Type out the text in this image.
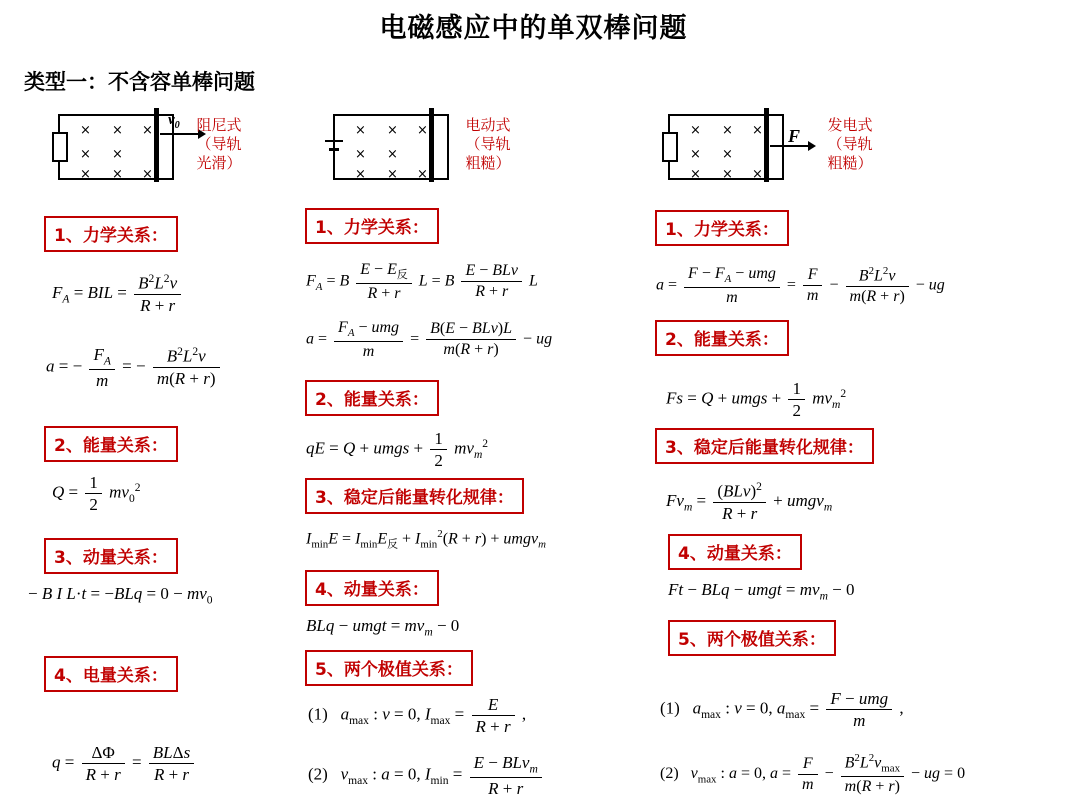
电磁感应中的单双棒问题
类型一：不含容单棒问题
× × ×
× ×
×
× ×
$v_0$	阻尼式
（导轨
光滑）
× × ×
× ×
× × ×
电动式
（导轨
粗糙）
× × ×
× ×
× × ×
F
发电式
（导轨
粗糙）
1、力学关系：
$F_A$ = BIL = $\frac{B^2L^2v}{R + r}$
a = − $\frac{F_A}{m}$ = − $\frac{B^2L^2v}{m(R + r)}$
2、能量关系：
$Q = \frac{1}{2} mv_0^2$
3、动量关系：
− B I $L\cdot t = -BLq = 0 - mv_0$
4、电量关系：
$q = \frac{\Delta\Phi}{R + r} = \frac{\text{BLΔs}}{R + r}$
1、力学关系：
$F_A = B \frac{E - E_反}{R + r}$ L = B $\frac{\text{E − BLv}}{R + r}$ L
$a = \frac{F_A - umg}{m} = \frac{\text{B(E − BLv)L}}{m(R + r)}$ − ug
2、能量关系：
qE = Q + umgs + $\frac{1}{2} mv_m^2$
3、稳定后能量转化规律：
$I_{min}E = I_{min}E_反 + I_{min}^2(R + r)$ + umgv$_m$
4、动量关系：
BLq − umgt = $mv_m - 0$
5、两个极值关系：
(1)   $a_{max}$ : v = 0, $I_{max} = \frac{E}{R + r}$ ,
(2)   $v_{max}$ : a = 0, $I_{min} = \frac{E - BLv_m}{R + r}$
1、力学关系：
$a = \frac{F - F_A - umg}{m} = \frac{F}{m} - \frac{B^2L^2v}{m(R + r)}$ − ug
2、能量关系：
Fs = Q + umgs + $\frac{1}{2} mv_m^2$
3、稳定后能量转化规律：
$Fv_m = \frac{(BLv)^2}{R + r}$ + umgv$_m$
4、动量关系：
Ft − BLq − umgt = $mv_m - 0$
5、两个极值关系：
(1)   $a_{max}$ : v = 0, $a_{max} = \frac{\text{F − umg}}{m}$ ,
(2)   $v_{max}$ : a = 0, $a = \frac{F}{m} - \frac{B^2L^2v_{max}}{m(R + r)}$ − ug = 0
